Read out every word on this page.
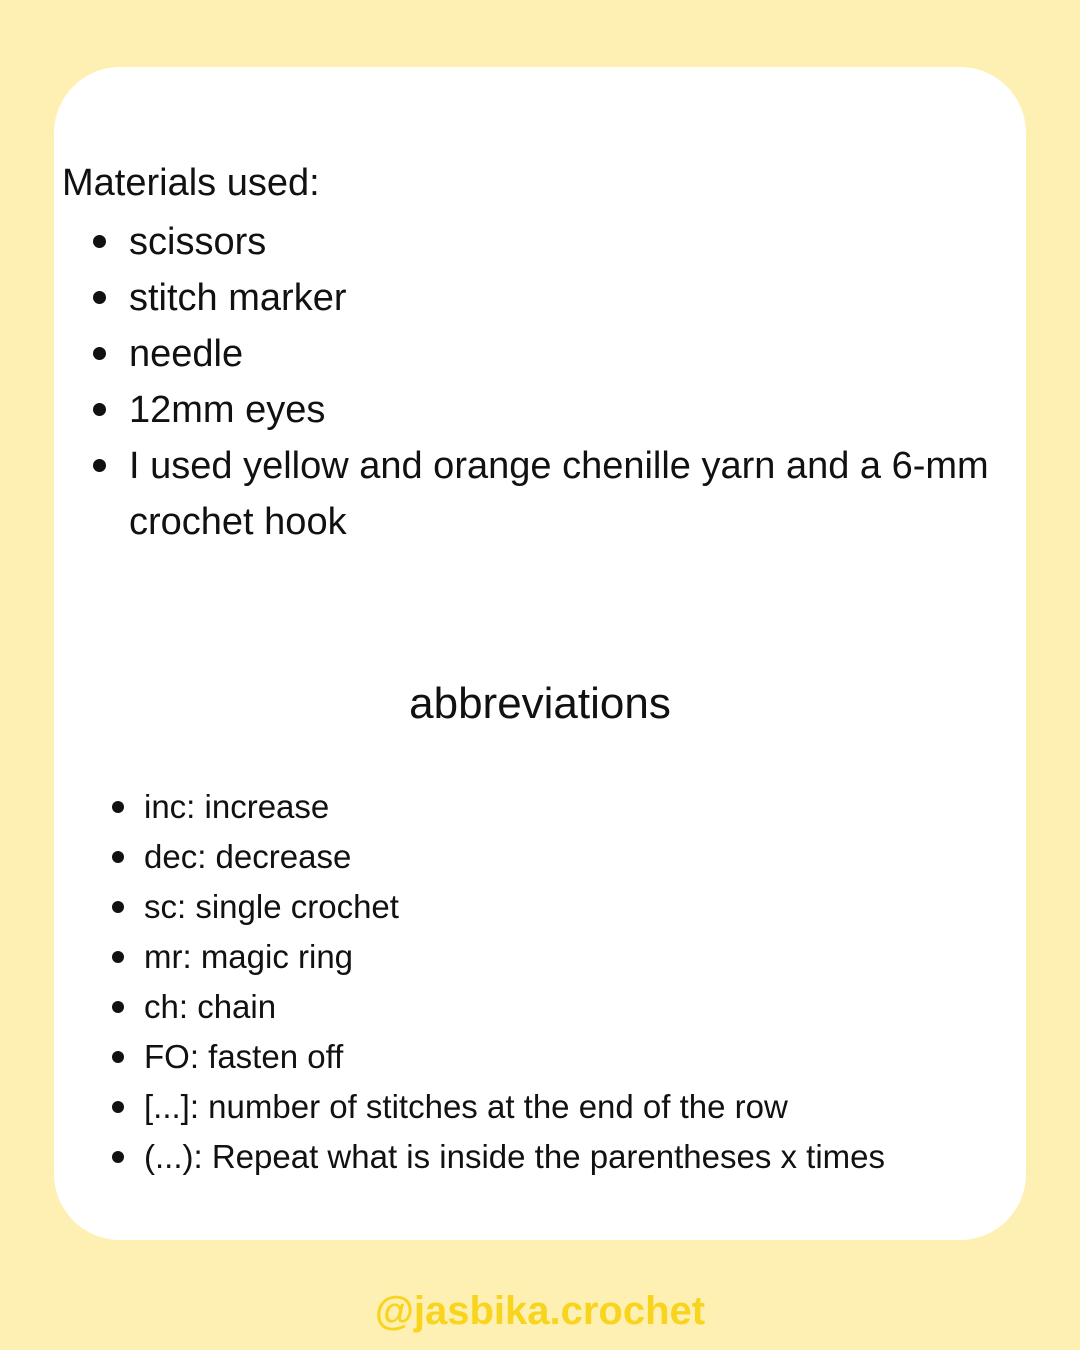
Materials used:
scissors
stitch marker
needle
12mm eyes
I used yellow and orange chenille yarn and a 6-mm crochet hook
abbreviations
inc: increase
dec: decrease
sc: single crochet
mr: magic ring
ch: chain
FO: fasten off
[...]: number of stitches at the end of the row
(...): Repeat what is inside the parentheses x times

@jasbika.crochet
